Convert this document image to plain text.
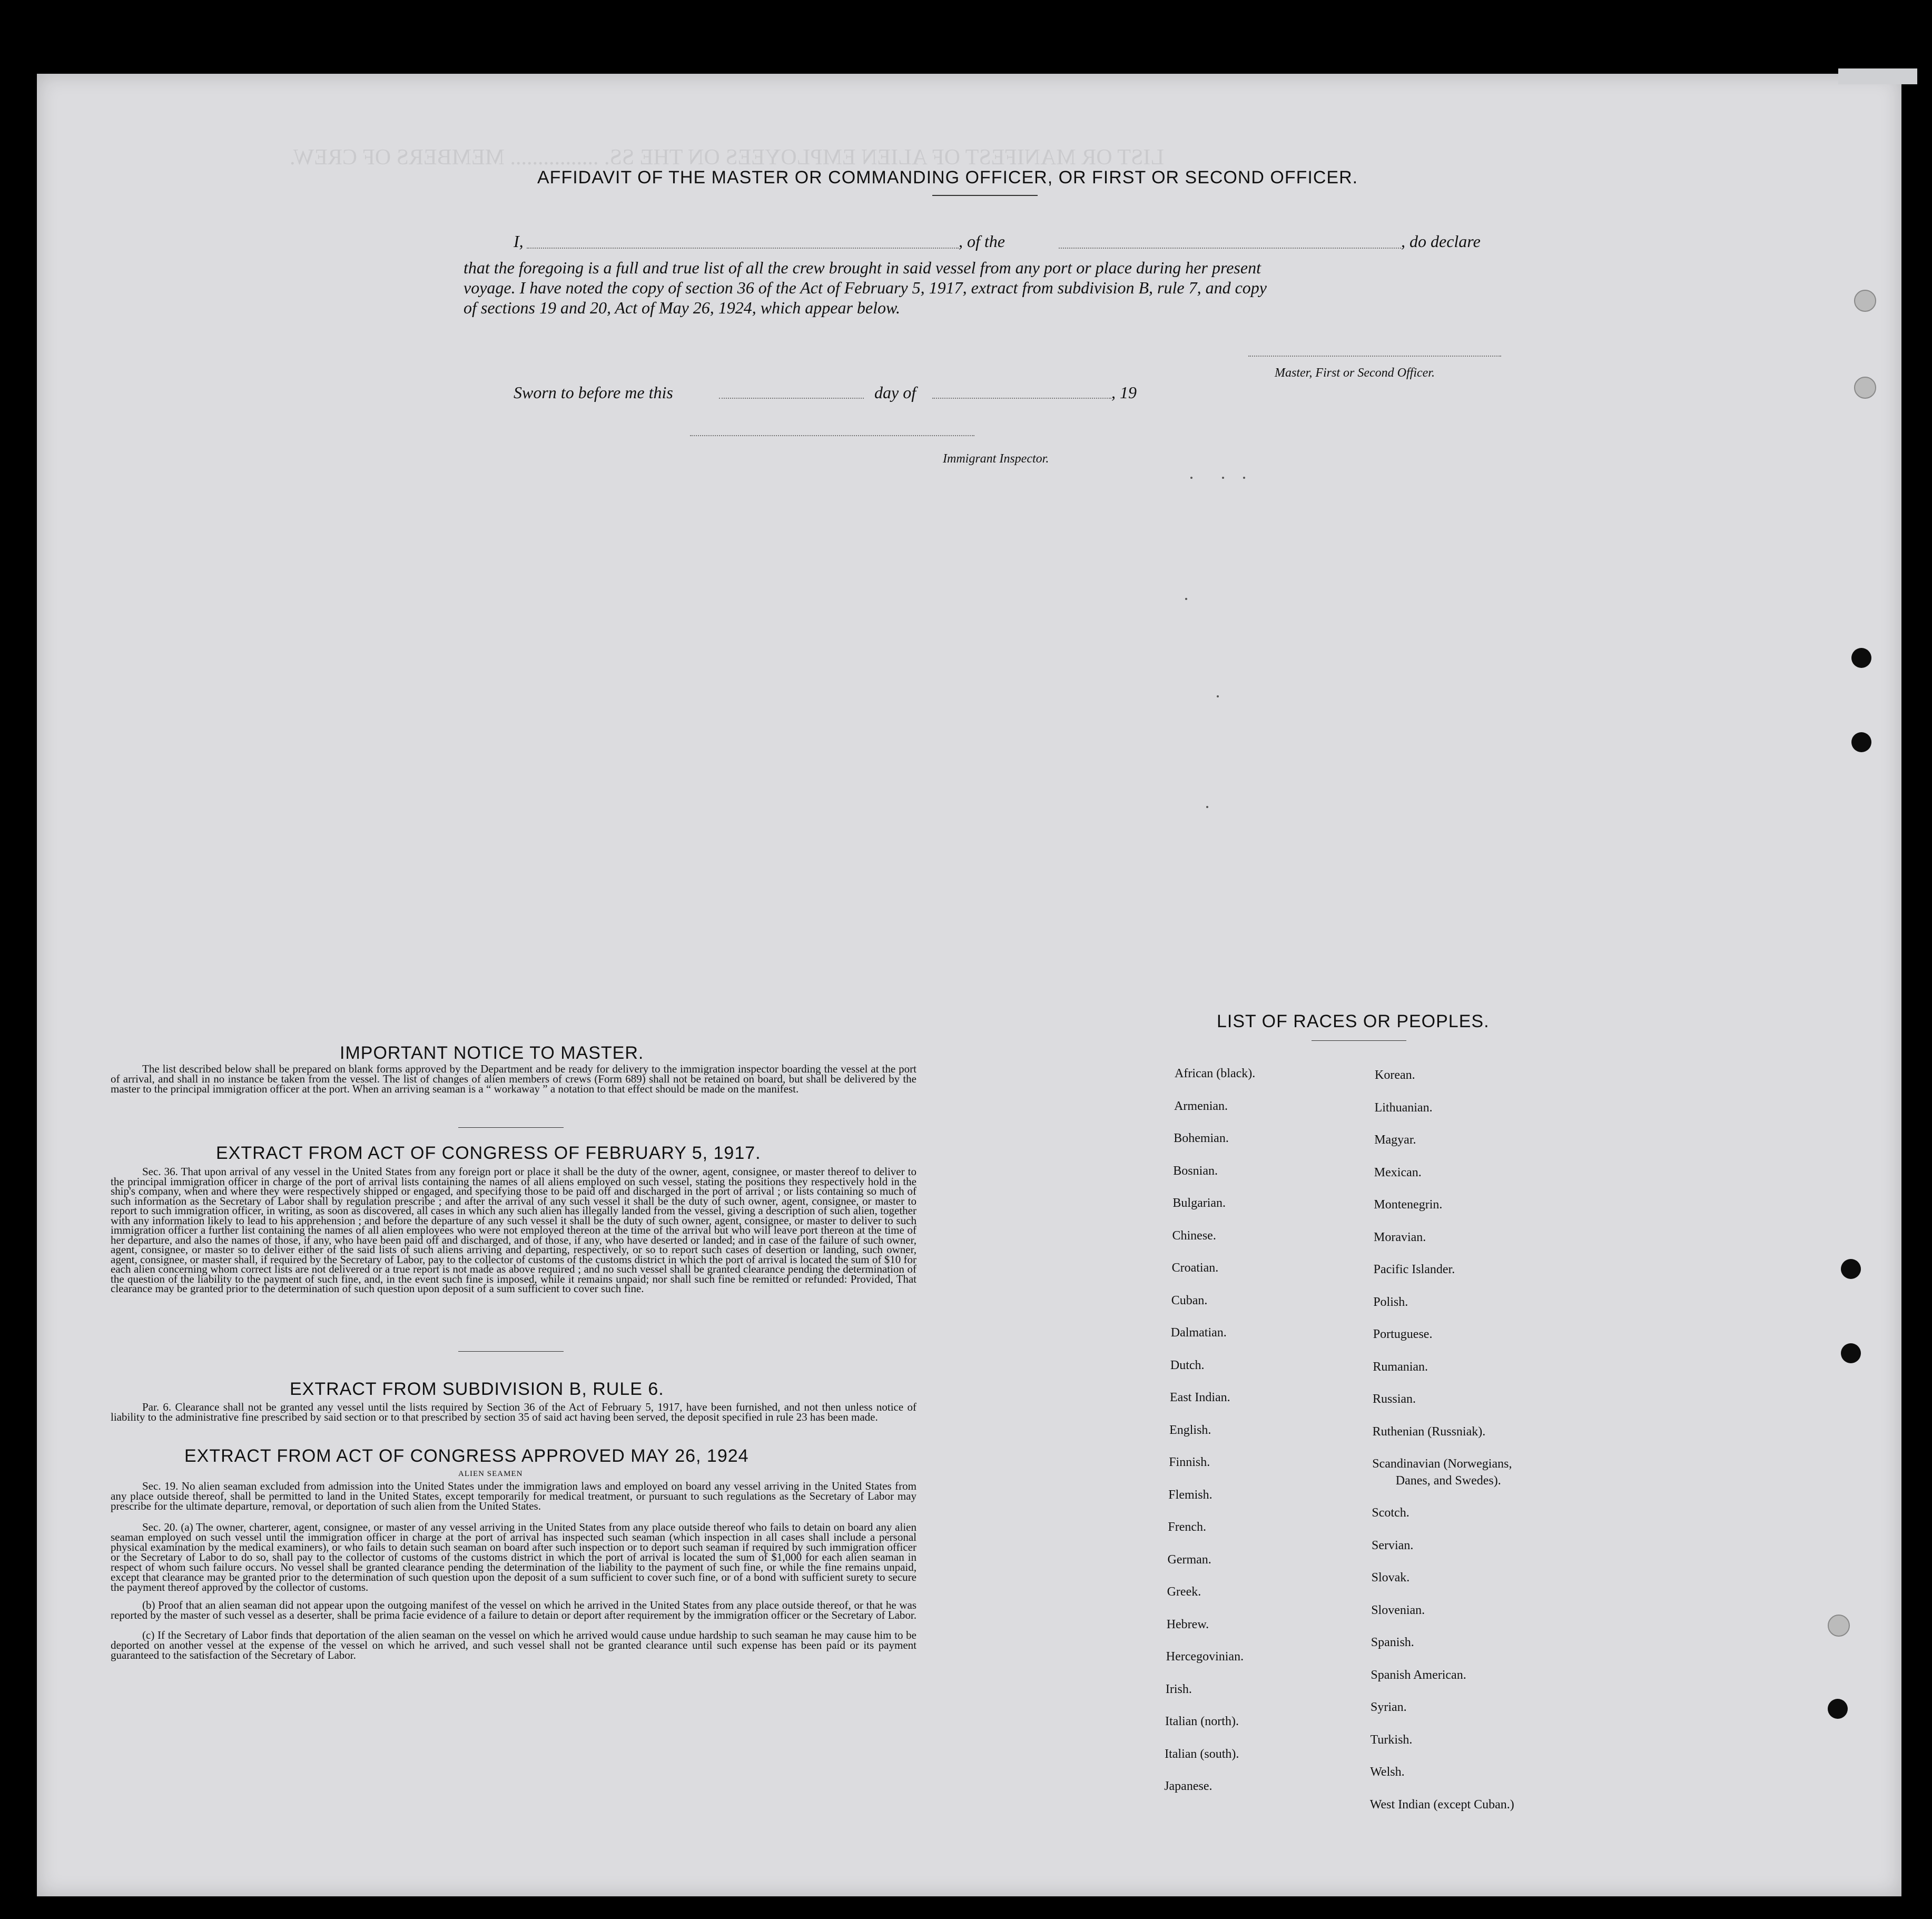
LIST OR MANIFEST OF ALIEN EMPLOYEES ON THE SS. ................ MEMBERS OF CREW.
AFFIDAVIT OF THE MASTER OR COMMANDING OFFICER, OR FIRST OR SECOND OFFICER.
I,	, of the	, do declare
that the foregoing is a full and true list of all the crew brought in said vessel from any port or place during her present
voyage. I have noted the copy of section 36 of the Act of February 5, 1917, extract from subdivision B, rule 7, and copy
of sections 19 and 20, Act of May 26, 1924, which appear below.
Master, First or Second Officer.
Sworn to before me this	day of	, 19
Immigrant Inspector.
IMPORTANT NOTICE TO MASTER.

The list described below shall be prepared on blank forms approved by the Department and be ready for delivery to the immigration inspector boarding the vessel at the port of arrival, and shall in no instance be taken from the vessel. The list of changes of alien members of crews (Form 689) shall not be retained on board, but shall be delivered by the master to the principal immigration officer at the port. When an arriving seaman is a “ workaway ” a notation to that effect should be made on the manifest.

EXTRACT FROM ACT OF CONGRESS OF FEBRUARY 5, 1917.

Sec. 36. That upon arrival of any vessel in the United States from any foreign port or place it shall be the duty of the owner, agent, consignee, or master thereof to deliver to the principal immigration officer in charge of the port of arrival lists containing the names of all aliens employed on such vessel, stating the positions they respectively hold in the ship's company, when and where they were respectively shipped or engaged, and specifying those to be paid off and discharged in the port of arrival ; or lists containing so much of such information as the Secretary of Labor shall by regulation prescribe ; and after the arrival of any such vessel it shall be the duty of such owner, agent, consignee, or master to report to such immigration officer, in writing, as soon as discovered, all cases in which any such alien has illegally landed from the vessel, giving a description of such alien, together with any information likely to lead to his apprehension ; and before the departure of any such vessel it shall be the duty of such owner, agent, consignee, or master to deliver to such immigration officer a further list containing the names of all alien employees who were not employed thereon at the time of the arrival but who will leave port thereon at the time of her departure, and also the names of those, if any, who have been paid off and discharged, and of those, if any, who have deserted or landed; and in case of the failure of such owner, agent, consignee, or master so to deliver either of the said lists of such aliens arriving and departing, respectively, or so to report such cases of desertion or landing, such owner, agent, consignee, or master shall, if required by the Secretary of Labor, pay to the collector of customs of the customs district in which the port of arrival is located the sum of $10 for each alien concerning whom correct lists are not delivered or a true report is not made as above required ; and no such vessel shall be granted clearance pending the determination of the question of the liability to the payment of such fine, and, in the event such fine is imposed, while it remains unpaid; nor shall such fine be remitted or refunded: Provided, That clearance may be granted prior to the determination of such question upon deposit of a sum sufficient to cover such fine.

EXTRACT FROM SUBDIVISION B, RULE 6.

Par. 6. Clearance shall not be granted any vessel until the lists required by Section 36 of the Act of February 5, 1917, have been furnished, and not then unless notice of liability to the administrative fine prescribed by said section or to that prescribed by section 35 of said act having been served, the deposit specified in rule 23 has been made.

EXTRACT FROM ACT OF CONGRESS APPROVED MAY 26, 1924
ALIEN SEAMEN

Sec. 19. No alien seaman excluded from admission into the United States under the immigration laws and employed on board any vessel arriving in the United States from any place outside thereof, shall be permitted to land in the United States, except temporarily for medical treatment, or pursuant to such regulations as the Secretary of Labor may prescribe for the ultimate departure, removal, or deportation of such alien from the United States.

Sec. 20. (a) The owner, charterer, agent, consignee, or master of any vessel arriving in the United States from any place outside thereof who fails to detain on board any alien seaman employed on such vessel until the immigration officer in charge at the port of arrival has inspected such seaman (which inspection in all cases shall include a personal physical examination by the medical examiners), or who fails to detain such seaman on board after such inspection or to deport such seaman if required by such immigration officer or the Secretary of Labor to do so, shall pay to the collector of customs of the customs district in which the port of arrival is located the sum of $1,000 for each alien seaman in respect of whom such failure occurs. No vessel shall be granted clearance pending the determination of the liability to the payment of such fine, or while the fine remains unpaid, except that clearance may be granted prior to the determination of such question upon the deposit of a sum sufficient to cover such fine, or of a bond with sufficient surety to secure the payment thereof approved by the collector of customs.

(b) Proof that an alien seaman did not appear upon the outgoing manifest of the vessel on which he arrived in the United States from any place outside thereof, or that he was reported by the master of such vessel as a deserter, shall be prima facie evidence of a failure to detain or deport after requirement by the immigration officer or the Secretary of Labor.

(c) If the Secretary of Labor finds that deportation of the alien seaman on the vessel on which he arrived would cause undue hardship to such seaman he may cause him to be deported on another vessel at the expense of the vessel on which he arrived, and such vessel shall not be granted clearance until such expense has been paid or its payment guaranteed to the satisfaction of the Secretary of Labor.

LIST OF RACES OR PEOPLES.
African (black).
Armenian.
Bohemian.
Bosnian.
Bulgarian.
Chinese.
Croatian.
Cuban.
Dalmatian.
Dutch.
East Indian.
English.
Finnish.
Flemish.
French.
German.
Greek.
Hebrew.
Hercegovinian.
Irish.
Italian (north).
Italian (south).
Japanese.
Korean.
Lithuanian.
Magyar.
Mexican.
Montenegrin.
Moravian.
Pacific Islander.
Polish.
Portuguese.
Rumanian.
Russian.
Ruthenian (Russniak).
Scandinavian (Norwegians,
Danes, and Swedes).
Scotch.
Servian.
Slovak.
Slovenian.
Spanish.
Spanish American.
Syrian.
Turkish.
Welsh.
West Indian (except Cuban.)
